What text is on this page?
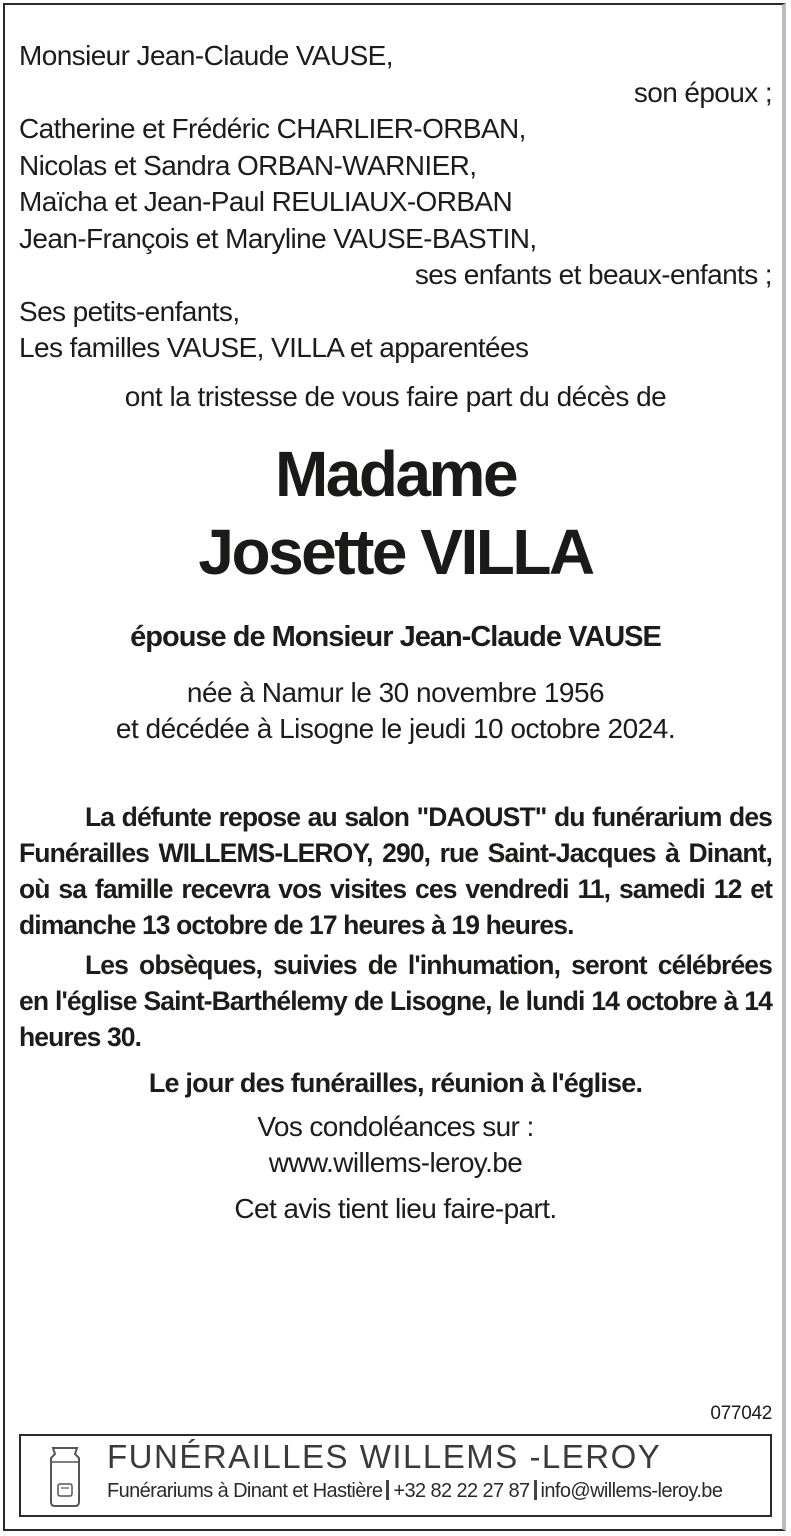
Monsieur Jean-Claude VAUSE,
son époux ;
Catherine et Frédéric CHARLIER-ORBAN,
Nicolas et Sandra ORBAN-WARNIER,
Maïcha et Jean-Paul REULIAUX-ORBAN
Jean-François et Maryline VAUSE-BASTIN,
ses enfants et beaux-enfants ;
Ses petits-enfants,
Les familles VAUSE, VILLA et apparentées
ont la tristesse de vous faire part du décès de
Madame
Josette VILLA
épouse de Monsieur Jean-Claude VAUSE
née à Namur le 30 novembre 1956
et décédée à Lisogne le jeudi 10 octobre 2024.
La défunte repose au salon "DAOUST" du funérarium des Funérailles WILLEMS-LEROY, 290, rue Saint-Jacques à Dinant, où sa famille recevra vos visites ces vendredi 11, samedi 12 et dimanche 13 octobre de 17 heures à 19 heures.
Les obsèques, suivies de l'inhumation, seront célébrées en l'église Saint-Barthélemy de Lisogne, le lundi 14 octobre à 14 heures 30.
Le jour des funérailles, réunion à l'église.
Vos condoléances sur :
www.willems-leroy.be
Cet avis tient lieu faire-part.
077042
FUNÉRAILLES WILLEMS -LEROY
Funérariums à Dinant et Hastière +32 82 22 27 87 info@willems-leroy.be
